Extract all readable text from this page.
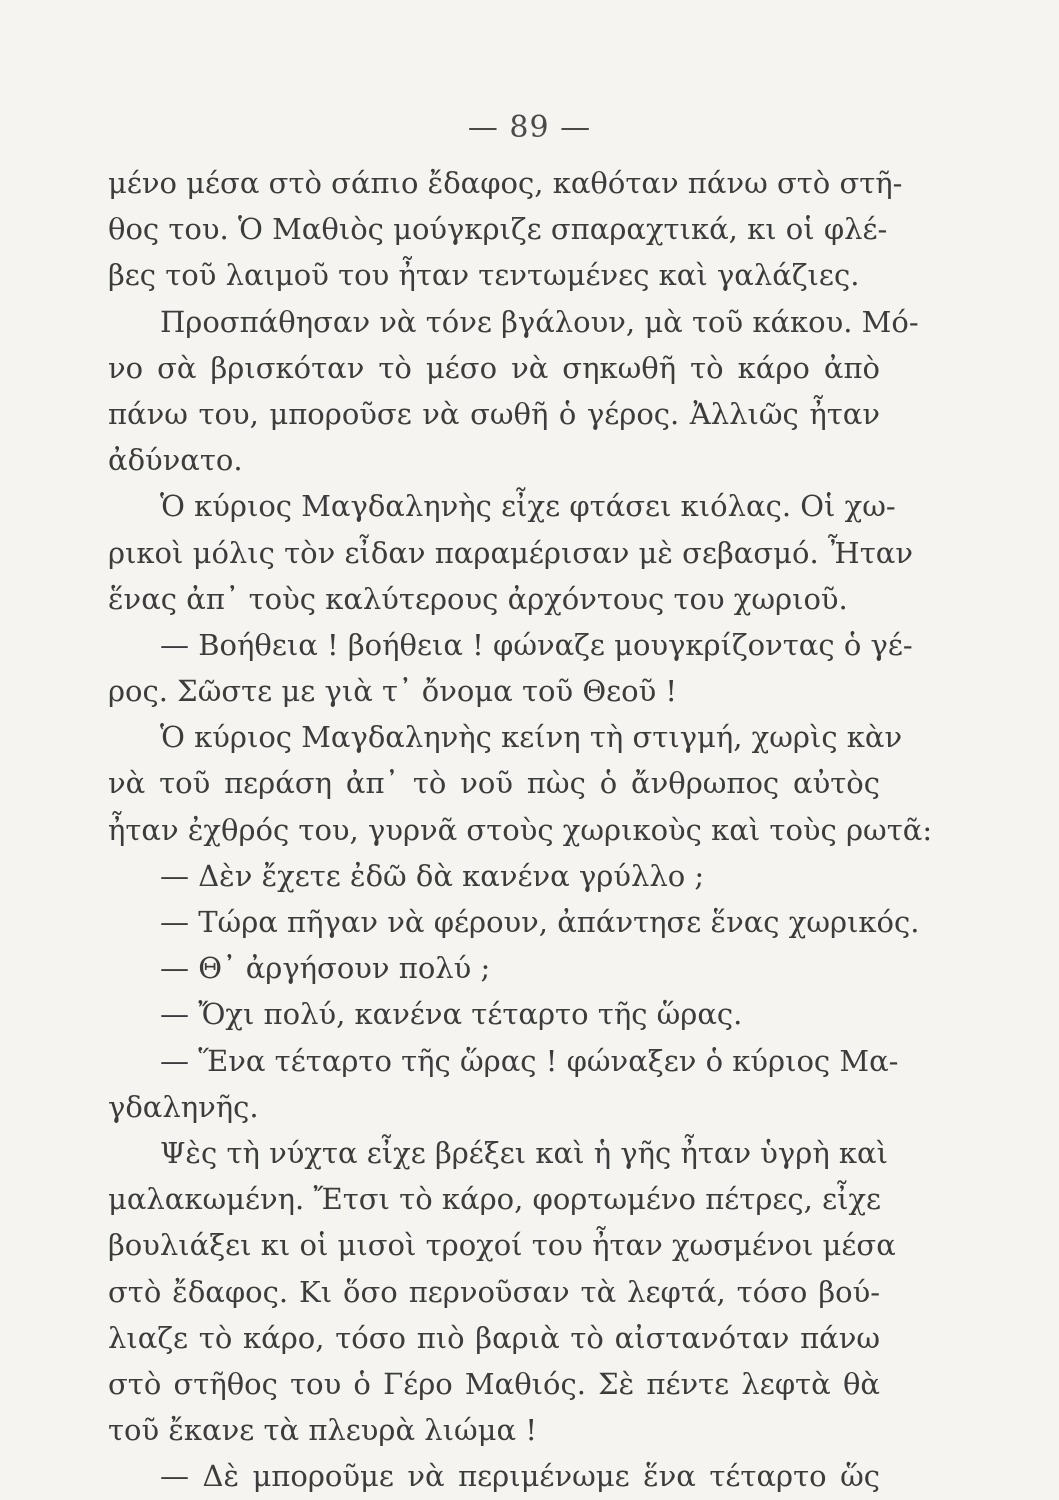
— 89 —
μένο μέσα στὸ σάπιο ἔδαφος, καθόταν πάνω στὸ στῆ-
θος του. Ὁ Μαθιὸς μούγκριζε σπαραχτικά, κι οἱ φλέ-
βες τοῦ λαιμοῦ του ἦταν τεντωμένες καὶ γαλάζιες.
Προσπάθησαν νὰ τόνε βγάλουν, μὰ τοῦ κάκου. Μό-
νο σὰ βρισκόταν τὸ μέσο νὰ σηκωθῆ τὸ κάρο ἀπὸ
πάνω του, μποροῦσε νὰ σωθῆ ὁ γέρος. Ἀλλιῶς ἦταν
ἀδύνατο.
Ὁ κύριος Μαγδαληνὴς εἶχε φτάσει κιόλας. Οἱ χω-
ρικοὶ μόλις τὸν εἶδαν παραμέρισαν μὲ σεβασμό. Ἦταν
ἕνας ἀπ᾿ τοὺς καλύτερους ἀρχόντους του χωριοῦ.
— Βοήθεια ! βοήθεια ! φώναζε μουγκρίζοντας ὁ γέ-
ρος. Σῶστε με γιὰ τ᾿ ὄνομα τοῦ Θεοῦ !
Ὁ κύριος Μαγδαληνὴς κείνη τὴ στιγμή, χωρὶς κὰν
νὰ τοῦ περάση ἀπ᾿ τὸ νοῦ πὼς ὁ ἄνθρωπος αὐτὸς
ἦταν ἐχθρός του, γυρνᾶ στοὺς χωρικοὺς καὶ τοὺς ρωτᾶ:
— Δὲν ἔχετε ἐδῶ δὰ κανένα γρύλλο ;
— Τώρα πῆγαν νὰ φέρουν, ἀπάντησε ἕνας χωρικός.
— Θ᾿ ἀργήσουν πολύ ;
— Ὄχι πολύ, κανένα τέταρτο τῆς ὥρας.
— Ἕνα τέταρτο τῆς ὥρας ! φώναξεν ὁ κύριος Μα-
γδαληνῆς.
Ψὲς τὴ νύχτα εἶχε βρέξει καὶ ἡ γῆς ἦταν ὑγρὴ καὶ
μαλακωμένη. Ἔτσι τὸ κάρο, φορτωμένο πέτρες, εἶχε
βουλιάξει κι οἱ μισοὶ τροχοί του ἦταν χωσμένοι μέσα
στὸ ἔδαφος. Κι ὅσο περνοῦσαν τὰ λεφτά, τόσο βού-
λιαζε τὸ κάρο, τόσο πιὸ βαριὰ τὸ αἰστανόταν πάνω
στὸ στῆθος του ὁ Γέρο Μαθιός. Σὲ πέντε λεφτὰ θὰ
τοῦ ἔκανε τὰ πλευρὰ λιώμα !
— Δὲ μποροῦμε νὰ περιμένωμε ἕνα τέταρτο ὥς
